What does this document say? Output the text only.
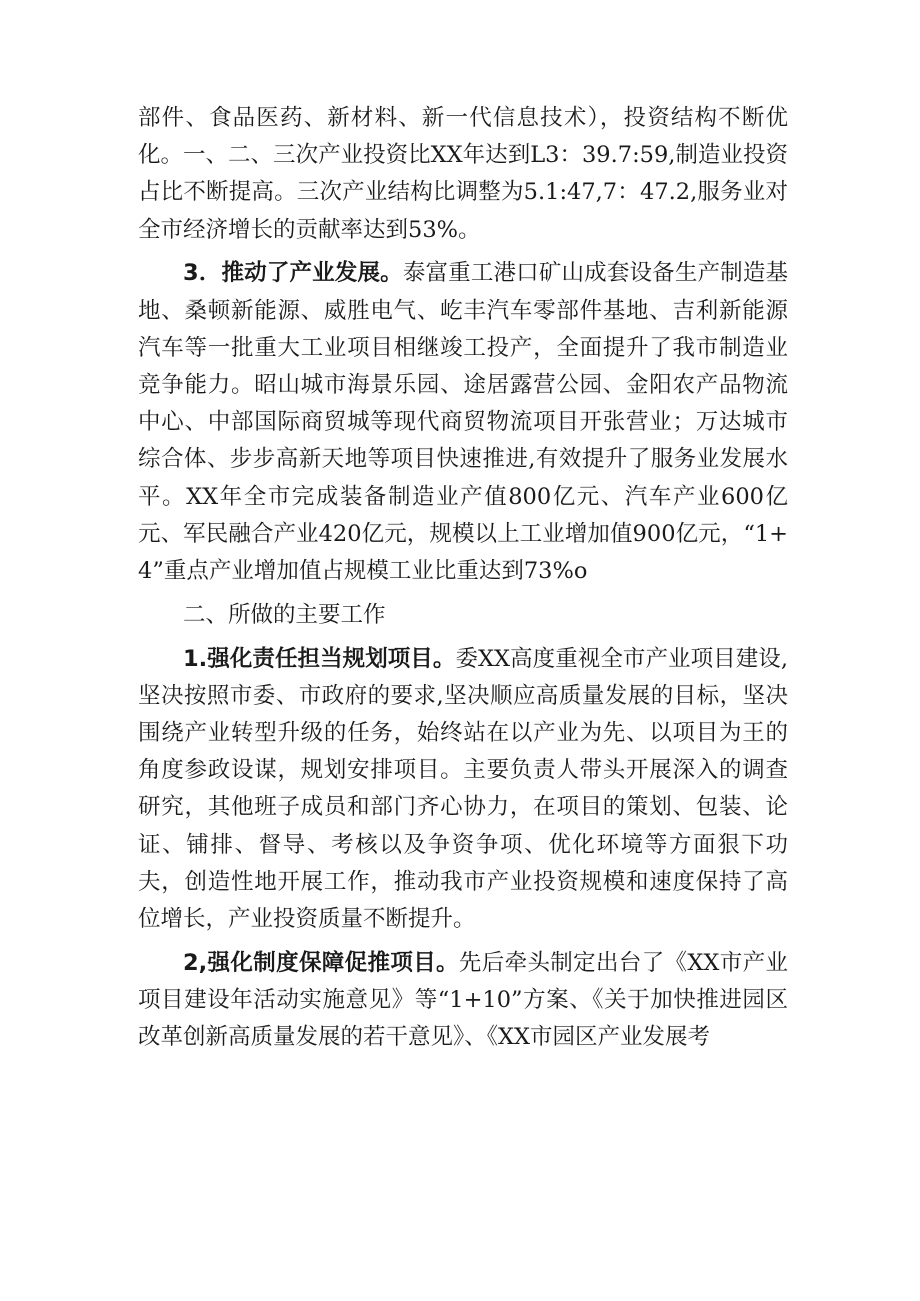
部件、食品医药、新材料、新一代信息技术），投资结构不断优化。一、二、三次产业投资比XX年达到L3：39.7:59,制造业投资占比不断提高。三次产业结构比调整为5.1:47,7：47.2,服务业对全市经济增长的贡献率达到53%。

3．推动了产业发展。泰富重工港口矿山成套设备生产制造基地、桑顿新能源、威胜电气、屹丰汽车零部件基地、吉利新能源汽车等一批重大工业项目相继竣工投产，全面提升了我市制造业竞争能力。昭山城市海景乐园、途居露营公园、金阳农产品物流中心、中部国际商贸城等现代商贸物流项目开张营业；万达城市综合体、步步高新天地等项目快速推进,有效提升了服务业发展水平。XX年全市完成装备制造业产值800亿元、汽车产业600亿元、军民融合产业420亿元，规模以上工业增加值900亿元，“1+4”重点产业增加值占规模工业比重达到73%o

二、所做的主要工作

1.强化责任担当规划项目。委XX高度重视全市产业项目建设,坚决按照市委、市政府的要求,坚决顺应高质量发展的目标，坚决围绕产业转型升级的任务，始终站在以产业为先、以项目为王的角度参政设谋，规划安排项目。主要负责人带头开展深入的调查研究，其他班子成员和部门齐心协力，在项目的策划、包装、论证、铺排、督导、考核以及争资争项、优化环境等方面狠下功夫，创造性地开展工作，推动我市产业投资规模和速度保持了高位增长，产业投资质量不断提升。

2,强化制度保障促推项目。先后牵头制定出台了《XX市产业项目建设年活动实施意见》等“1+10”方案、《关于加快推进园区改革创新高质量发展的若干意见》、《XX市园区产业发展考
